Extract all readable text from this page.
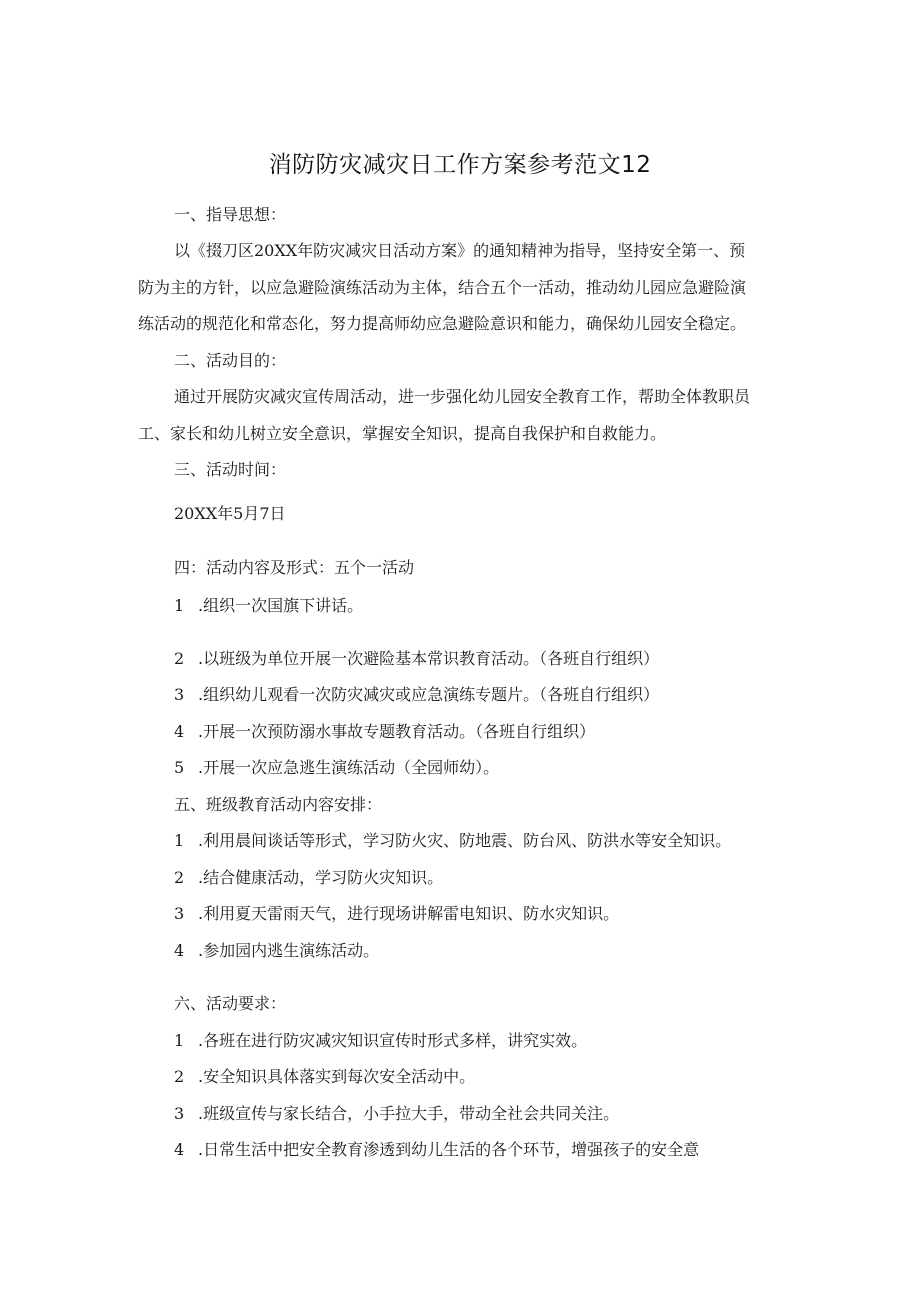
消防防灾减灾日工作方案参考范文12
一、指导思想：
以《掇刀区20XX年防灾减灾日活动方案》的通知精神为指导，坚持安全第一、预
防为主的方针，以应急避险演练活动为主体，结合五个一活动，推动幼儿园应急避险演
练活动的规范化和常态化，努力提高师幼应急避险意识和能力，确保幼儿园安全稳定。
二、活动目的：
通过开展防灾减灾宣传周活动，进一步强化幼儿园安全教育工作，帮助全体教职员
工、家长和幼儿树立安全意识，掌握安全知识，提高自我保护和自救能力。
三、活动时间：
20XX年5月7日
四：活动内容及形式：五个一活动
1 .组织一次国旗下讲话。
2 .以班级为单位开展一次避险基本常识教育活动。（各班自行组织）
3 .组织幼儿观看一次防灾减灾或应急演练专题片。（各班自行组织）
4 .开展一次预防溺水事故专题教育活动。（各班自行组织）
5 .开展一次应急逃生演练活动（全园师幼）。
五、班级教育活动内容安排：
1 .利用晨间谈话等形式，学习防火灾、防地震、防台风、防洪水等安全知识。
2 .结合健康活动，学习防火灾知识。
3 .利用夏天雷雨天气，进行现场讲解雷电知识、防水灾知识。
4 .参加园内逃生演练活动。
六、活动要求：
1 .各班在进行防灾减灾知识宣传时形式多样，讲究实效。
2 .安全知识具体落实到每次安全活动中。
3 .班级宣传与家长结合，小手拉大手，带动全社会共同关注。
4 .日常生活中把安全教育渗透到幼儿生活的各个环节，增强孩子的安全意
